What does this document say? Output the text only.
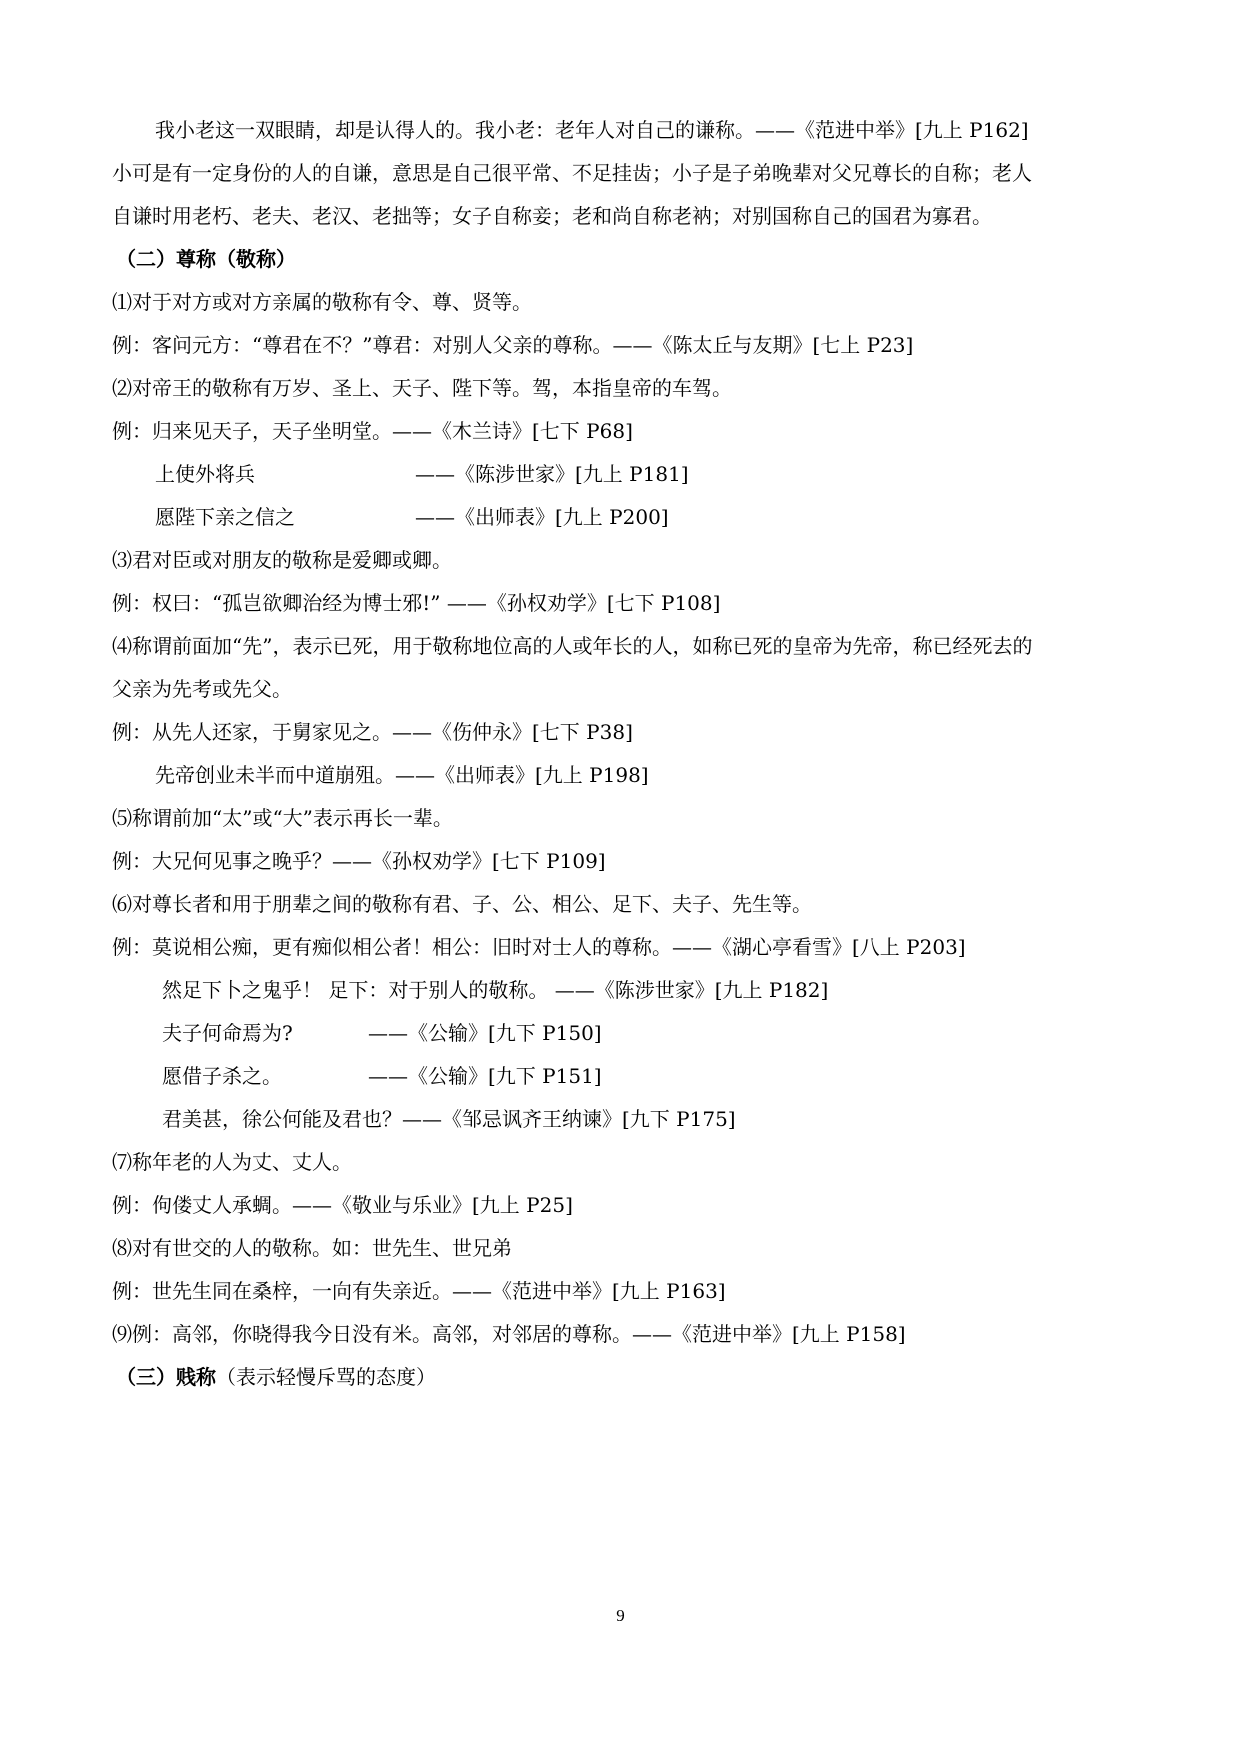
我小老这一双眼睛，却是认得人的。我小老：老年人对自己的谦称。——《范进中举》[九上 P162]
小可是有一定身份的人的自谦，意思是自己很平常、不足挂齿；小子是子弟晚辈对父兄尊长的自称；老人
自谦时用老朽、老夫、老汉、老拙等；女子自称妾；老和尚自称老衲；对别国称自己的国君为寡君。
（二）尊称（敬称）
⑴对于对方或对方亲属的敬称有令、尊、贤等。
例：客问元方：“尊君在不？”尊君：对别人父亲的尊称。——《陈太丘与友期》[七上 P23]
⑵对帝王的敬称有万岁、圣上、天子、陛下等。驾，本指皇帝的车驾。
例：归来见天子，天子坐明堂。——《木兰诗》[七下 P68]
上使外将兵	——《陈涉世家》[九上 P181]
愿陛下亲之信之	——《出师表》[九上 P200]
⑶君对臣或对朋友的敬称是爱卿或卿。
例：权曰：“孤岂欲卿治经为博士邪!” ——《孙权劝学》[七下 P108]
⑷称谓前面加“先”，表示已死，用于敬称地位高的人或年长的人，如称已死的皇帝为先帝，称已经死去的
父亲为先考或先父。
例：从先人还家，于舅家见之。——《伤仲永》[七下 P38]
先帝创业未半而中道崩殂。——《出师表》[九上 P198]
⑸称谓前加“太”或“大”表示再长一辈。
例：大兄何见事之晚乎？——《孙权劝学》[七下 P109]
⑹对尊长者和用于朋辈之间的敬称有君、子、公、相公、足下、夫子、先生等。
例：莫说相公痴，更有痴似相公者！相公：旧时对士人的尊称。——《湖心亭看雪》[八上 P203]
然足下卜之鬼乎！ 足下：对于别人的敬称。 ——《陈涉世家》[九上 P182]
夫子何命焉为?	——《公输》[九下 P150]
愿借子杀之。	——《公输》[九下 P151]
君美甚，徐公何能及君也？——《邹忌讽齐王纳谏》[九下 P175]
⑺称年老的人为丈、丈人。
例：佝偻丈人承蜩。——《敬业与乐业》[九上 P25]
⑻对有世交的人的敬称。如：世先生、世兄弟
例：世先生同在桑梓，一向有失亲近。——《范进中举》[九上 P163]
⑼例：高邻，你晓得我今日没有米。高邻，对邻居的尊称。——《范进中举》[九上 P158]
（三）贱称（表示轻慢斥骂的态度）
9
